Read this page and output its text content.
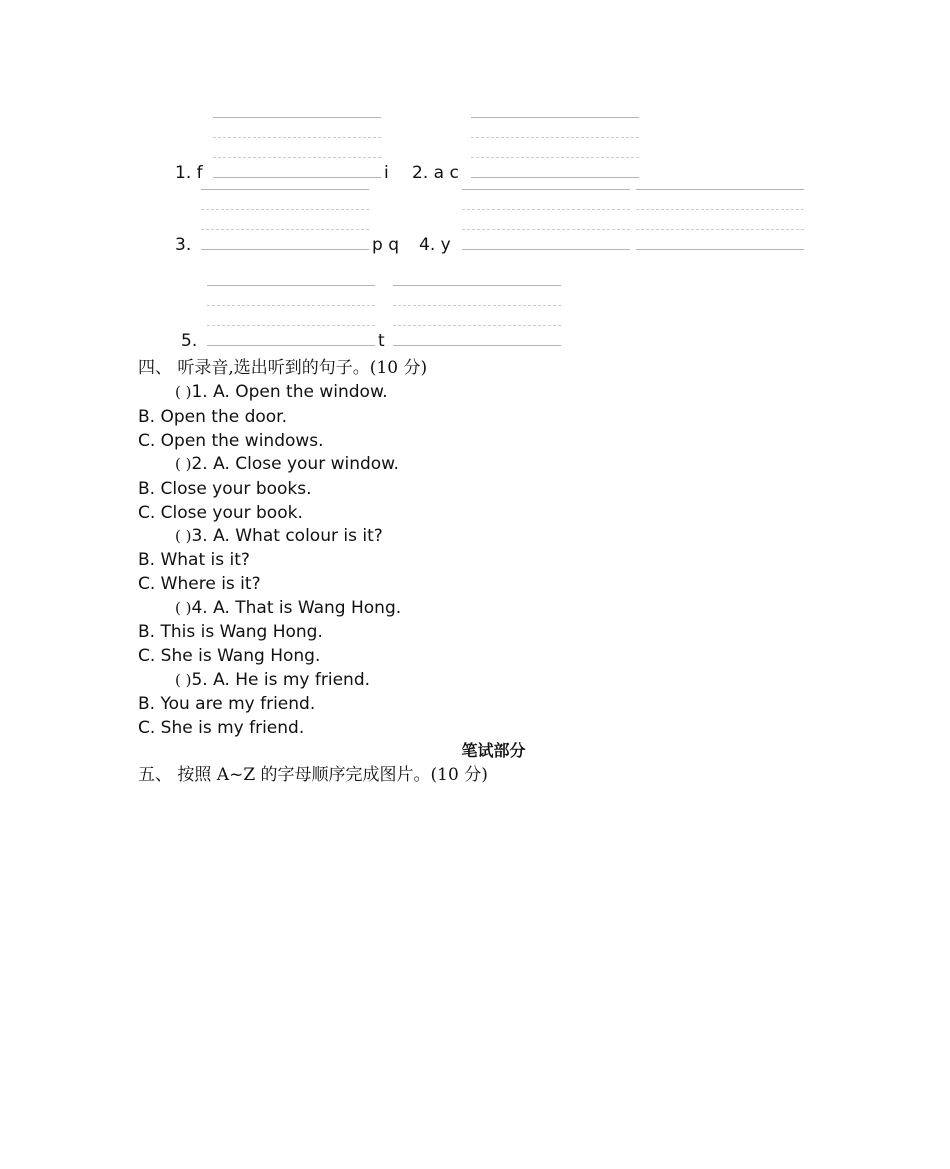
1. f	i 2. a c
3.	p q 4. y
5.	t
四、 听录音,选出听到的句子。(10 分)
( )1. A. Open the window.
B. Open the door.
C. Open the windows.
( )2. A. Close your window.
B. Close your books.
C. Close your book.
( )3. A. What colour is it?
B. What is it?
C. Where is it?
( )4. A. That is Wang Hong.
B. This is Wang Hong.
C. She is Wang Hong.
( )5. A. He is my friend.
B. You are my friend.
C. She is my friend.
笔试部分
五、 按照 A~Z 的字母顺序完成图片。(10 分)
